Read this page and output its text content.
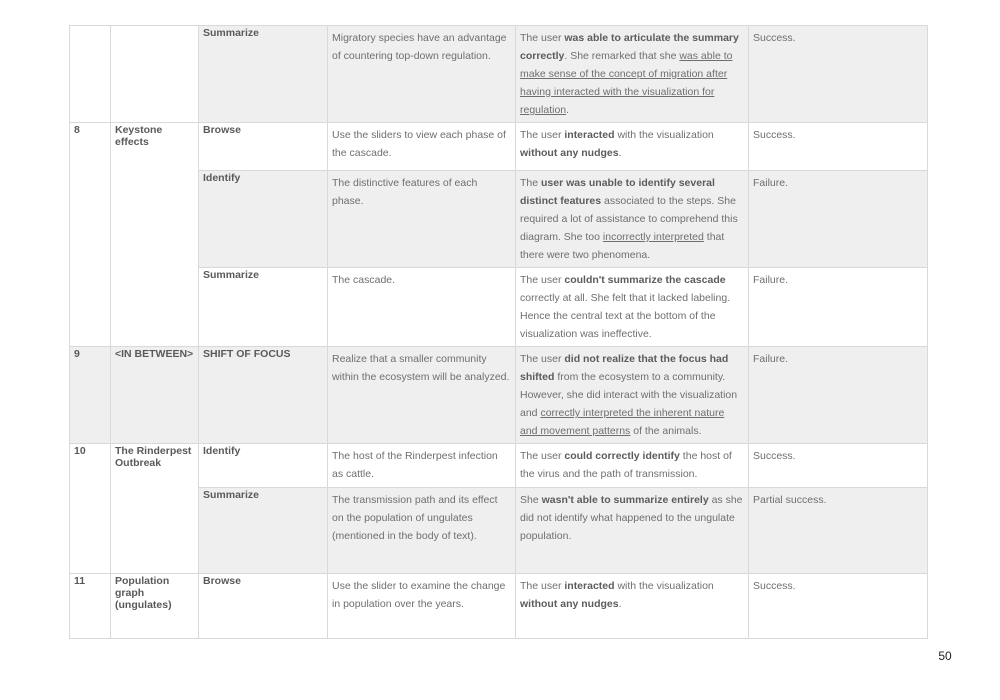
		Summarize	Migratory species have an advantage of countering top-down regulation.	The user was able to articulate the summary correctly. She remarked that she was able to make sense of the concept of migration after having interacted with the visualization for regulation.	Success.
8	Keystone effects	Browse	Use the sliders to view each phase of the cascade.	The user interacted with the visualization without any nudges.	Success.
		Identify	The distinctive features of each phase.	The user was unable to identify several distinct features associated to the steps. She required a lot of assistance to comprehend this diagram. She too incorrectly interpreted that there were two phenomena.	Failure.
		Summarize	The cascade.	The user couldn't summarize the cascade correctly at all. She felt that it lacked labeling. Hence the central text at the bottom of the visualization was ineffective.	Failure.
9	<IN BETWEEN>	SHIFT OF FOCUS	Realize that a smaller community within the ecosystem will be analyzed.	The user did not realize that the focus had shifted from the ecosystem to a community. However, she did interact with the visualization and correctly interpreted the inherent nature and movement patterns of the animals.	Failure.
10	The Rinderpest Outbreak	Identify	The host of the Rinderpest infection as cattle.	The user could correctly identify the host of the virus and the path of transmission.	Success.
		Summarize	The transmission path and its effect on the population of ungulates (mentioned in the body of text).	She wasn't able to summarize entirely as she did not identify what happened to the ungulate population.	Partial success.
11	Population graph (ungulates)	Browse	Use the slider to examine the change in population over the years.	The user interacted with the visualization without any nudges.	Success.
50
